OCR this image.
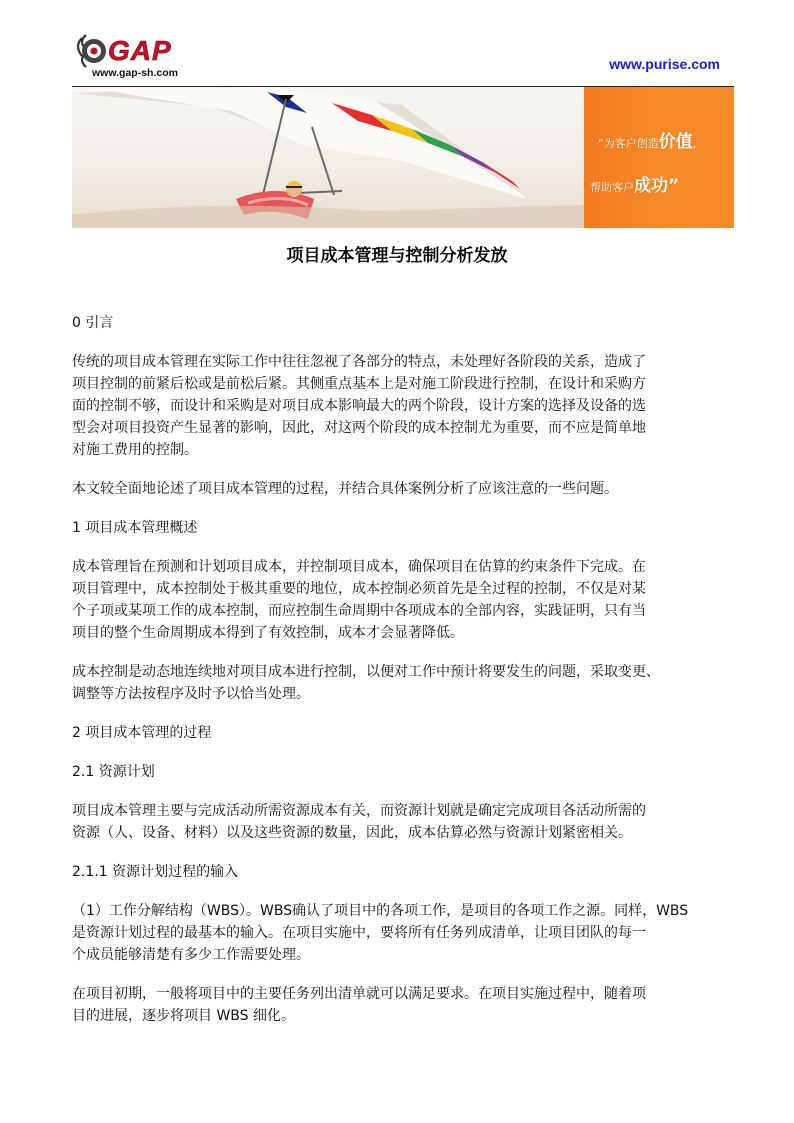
GAP
www.gap-sh.com
www.purise.com
“为客户创造价值，
帮助客户成功”
项目成本管理与控制分析发放

0 引言

传统的项目成本管理在实际工作中往往忽视了各部分的特点，未处理好各阶段的关系，造成了
项目控制的前紧后松或是前松后紧。其侧重点基本上是对施工阶段进行控制，在设计和采购方
面的控制不够，而设计和采购是对项目成本影响最大的两个阶段，设计方案的选择及设备的选
型会对项目投资产生显著的影响，因此，对这两个阶段的成本控制尤为重要，而不应是简单地
对施工费用的控制。

本文较全面地论述了项目成本管理的过程，并结合具体案例分析了应该注意的一些问题。

1 项目成本管理概述

成本管理旨在预测和计划项目成本，并控制项目成本，确保项目在估算的约束条件下完成。在
项目管理中，成本控制处于极其重要的地位，成本控制必须首先是全过程的控制，不仅是对某
个子项或某项工作的成本控制，而应控制生命周期中各项成本的全部内容，实践证明，只有当
项目的整个生命周期成本得到了有效控制，成本才会显著降低。

成本控制是动态地连续地对项目成本进行控制，以便对工作中预计将要发生的问题，采取变更、
调整等方法按程序及时予以恰当处理。

2 项目成本管理的过程

2.1 资源计划

项目成本管理主要与完成活动所需资源成本有关，而资源计划就是确定完成项目各活动所需的
资源（人、设备、材料）以及这些资源的数量，因此，成本估算必然与资源计划紧密相关。

2.1.1 资源计划过程的输入

（1）工作分解结构（WBS）。WBS确认了项目中的各项工作，是项目的各项工作之源。同样，WBS
是资源计划过程的最基本的输入。在项目实施中，要将所有任务列成清单，让项目团队的每一
个成员能够清楚有多少工作需要处理。

在项目初期，一般将项目中的主要任务列出清单就可以满足要求。在项目实施过程中，随着项
目的进展，逐步将项目 WBS 细化。
